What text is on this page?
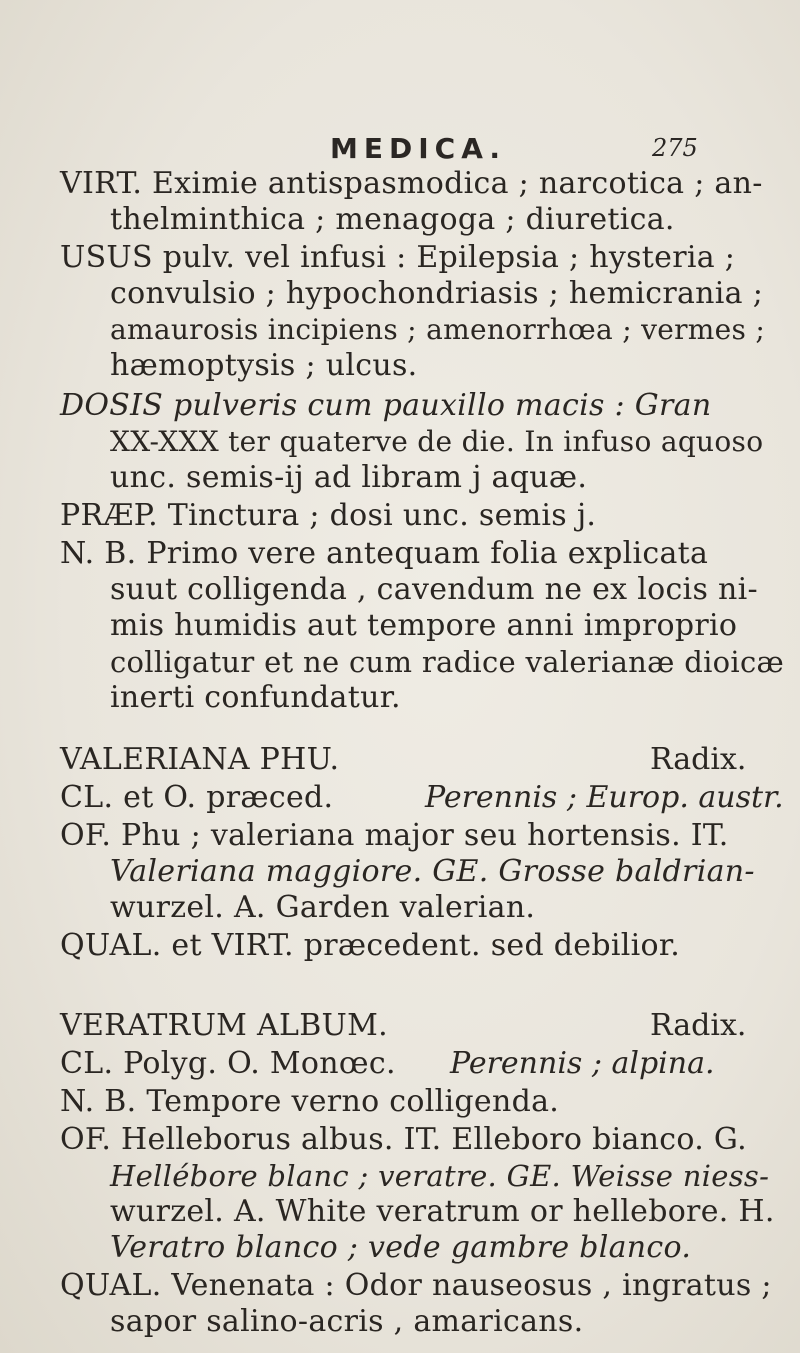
MEDICA.	275
VIRT. Eximie antispasmodica ; narcotica ; an-
thelminthica ; menagoga ; diuretica.
USUS pulv. vel infusi : Epilepsia ; hysteria ;
convulsio ; hypochondriasis ; hemicrania ;
amaurosis incipiens ; amenorrhœa ; vermes ;
hæmoptysis ; ulcus.
DOSIS pulveris cum pauxillo macis : Gran
XX-XXX ter quaterve de die. In infuso aquoso
unc. semis-ij ad libram j aquæ.
PRÆP. Tinctura ; dosi unc. semis j.
N. B. Primo vere antequam folia explicata
suut colligenda , cavendum ne ex locis ni-
mis humidis aut tempore anni improprio
colligatur et ne cum radice valerianæ dioicæ
inerti confundatur.
VALERIANA PHU.	Radix.
CL. et O. præced.	Perennis ; Europ. austr.
OF. Phu ; valeriana major seu hortensis. IT.
Valeriana maggiore. GE. Grosse baldrian-
wurzel. A. Garden valerian.
QUAL. et VIRT. præcedent. sed debilior.
VERATRUM ALBUM.	Radix.
CL. Polyg. O. Monœc. Perennis ; alpina.
N. B. Tempore verno colligenda.
OF. Helleborus albus. IT. Elleboro bianco. G.
Hellébore blanc ; veratre. GE. Weisse niess-
wurzel. A. White veratrum or hellebore. H.
Veratro blanco ; vede gambre blanco.
QUAL. Venenata : Odor nauseosus , ingratus ;
sapor salino-acris , amaricans.
